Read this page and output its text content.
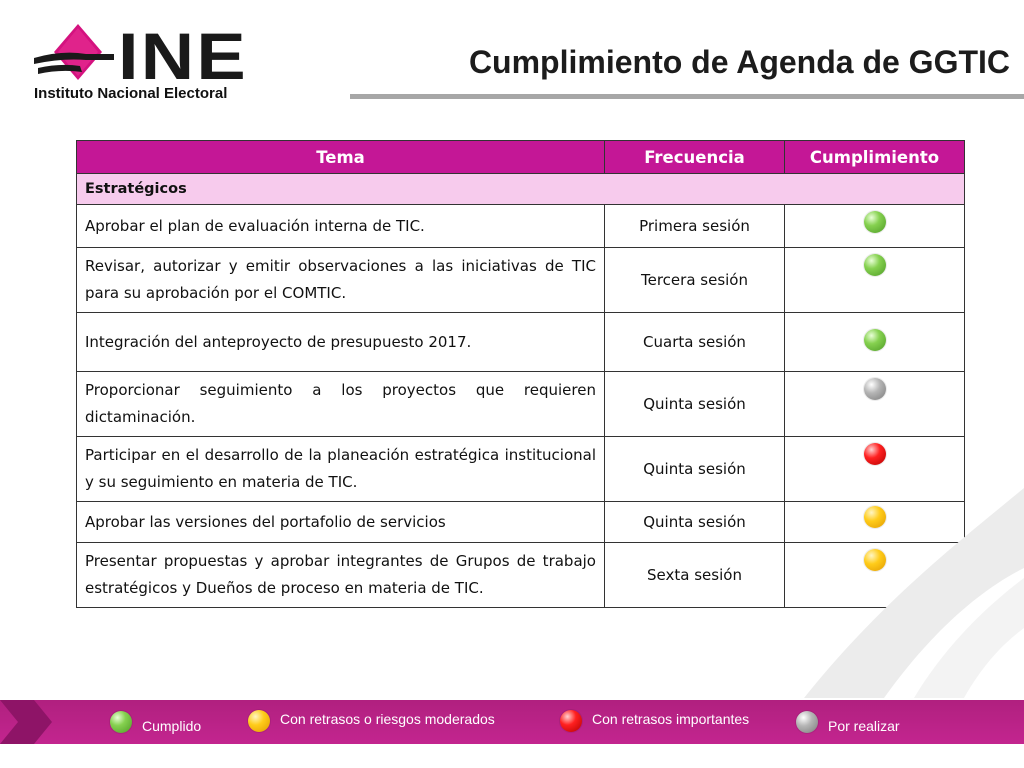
INE
Instituto Nacional Electoral
Cumplimiento de Agenda de GGTIC
Tema	Frecuencia	Cumplimiento
Estratégicos		
Aprobar el plan de evaluación interna de TIC.	Primera sesión	
Revisar, autorizar y emitir observaciones a las iniciativas de TIC para su aprobación por el COMTIC.	Tercera sesión	
Integración del anteproyecto de presupuesto 2017.	Cuarta sesión	
Proporcionar seguimiento a los proyectos que requieren dictaminación.	Quinta sesión	
Participar en el desarrollo de la planeación estratégica institucional y su seguimiento en materia de TIC.	Quinta sesión	
Aprobar las versiones del portafolio de servicios	Quinta sesión	
Presentar propuestas y aprobar integrantes de Grupos de trabajo estratégicos y Dueños de proceso en materia de TIC.	Sexta sesión	
Cumplido	Con retrasos o riesgos moderados	Con retrasos importantes	Por realizar
